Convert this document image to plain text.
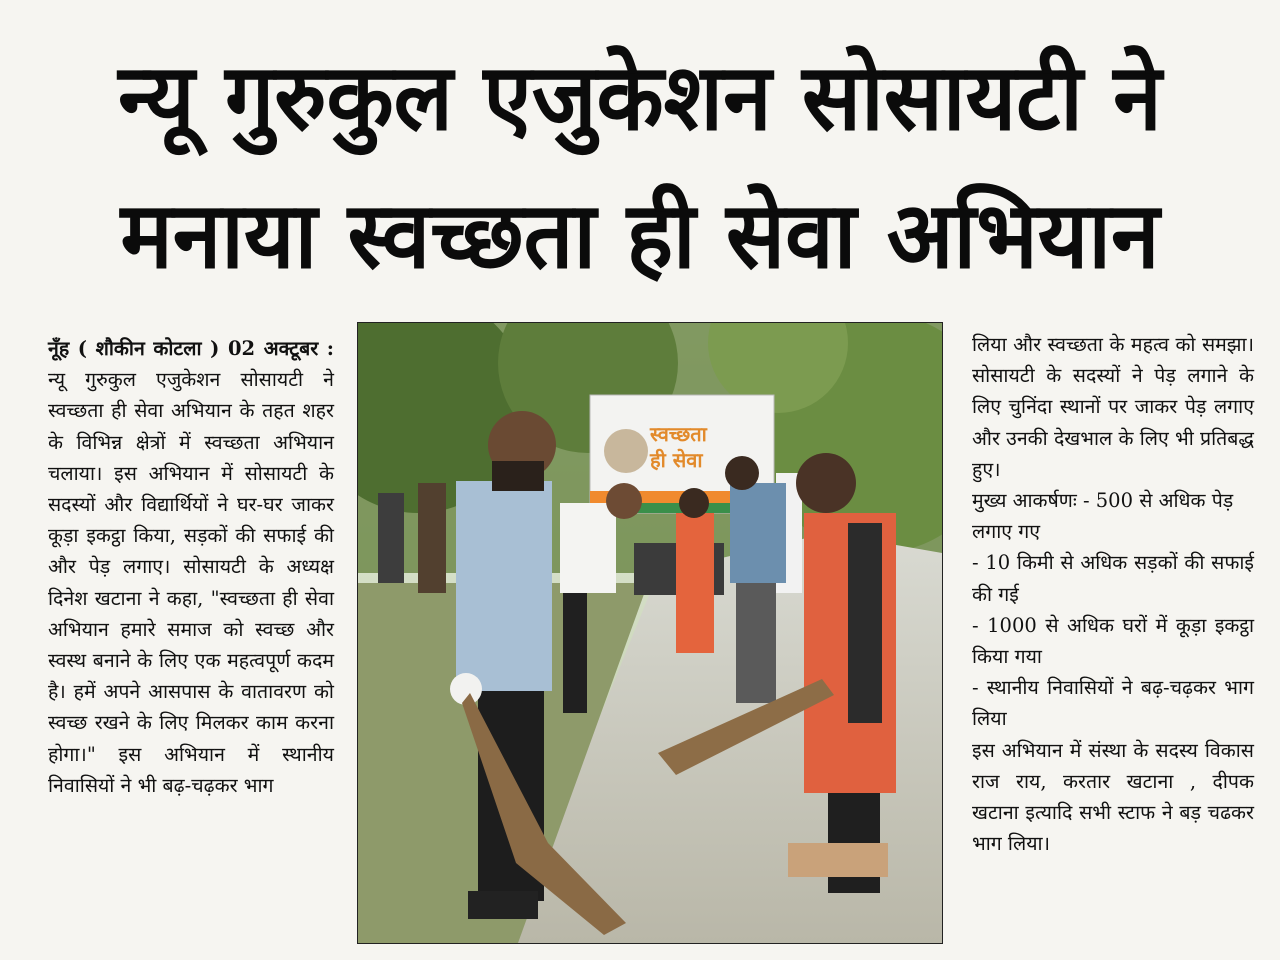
न्यू गुरुकुल एजुकेशन सोसायटी ने
मनाया स्वच्छता ही सेवा अभियान

नूँह ( शौकीन कोटला ) 02 अक्टूबर : न्यू गुरुकुल एजुकेशन सोसायटी ने स्वच्छता ही सेवा अभियान के तहत शहर के विभिन्न क्षेत्रों में स्वच्छता अभियान चलाया। इस अभियान में सोसायटी के सदस्यों और विद्यार्थियों ने घर-घर जाकर कूड़ा इकट्ठा किया, सड़कों की सफाई की और पेड़ लगाए। सोसायटी के अध्यक्ष दिनेश खटाना ने कहा, "स्वच्छता ही सेवा अभियान हमारे समाज को स्वच्छ और स्वस्थ बनाने के लिए एक महत्वपूर्ण कदम है। हमें अपने आसपास के वातावरण को स्वच्छ रखने के लिए मिलकर काम करना होगा।" इस अभियान में स्थानीय निवासियों ने भी बढ़-चढ़कर भाग

स्वच्छता
ही सेवा

लिया और स्वच्छता के महत्व को समझा। सोसायटी के सदस्यों ने पेड़ लगाने के लिए चुनिंदा स्थानों पर जाकर पेड़ लगाए और उनकी देखभाल के लिए भी प्रतिबद्ध हुए।

मुख्य आकर्षणः - 500 से अधिक पेड़ लगाए गए

- 10 किमी से अधिक सड़कों की सफाई की गई

- 1000 से अधिक घरों में कूड़ा इकट्ठा किया गया

- स्थानीय निवासियों ने बढ़-चढ़कर भाग लिया

इस अभियान में संस्था के सदस्य विकास राज राय, करतार खटाना , दीपक खटाना इत्यादि सभी स्टाफ ने बड़ चढकर भाग लिया।
